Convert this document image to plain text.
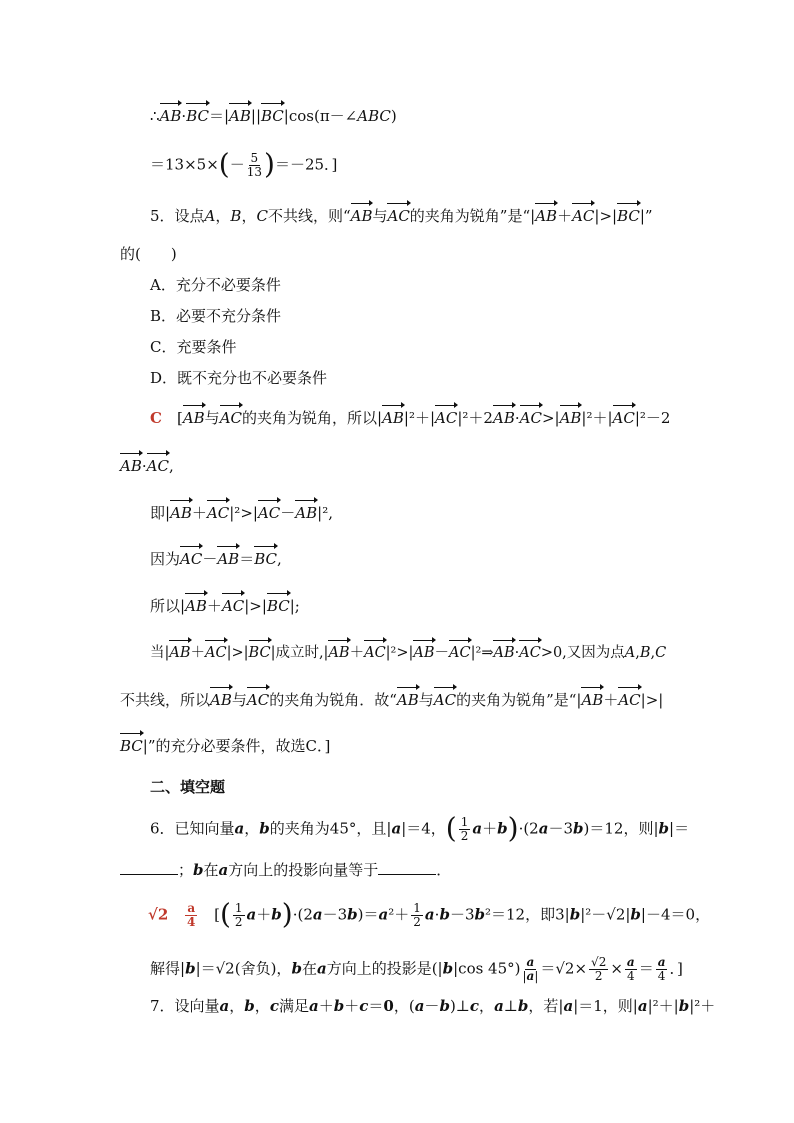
∴AB·BC＝|AB||BC|cos(π－∠ABC)
$=13\times 5\times(- \frac{5}{13} )=-25$．]
5．设点A，B，C不共线，则“AB与AC的夹角为锐角”是“|AB＋AC|>|BC|”
的(　　)
A．充分不必要条件
B．必要不充分条件
C．充要条件
D．既不充分也不必要条件
C　[AB与AC的夹角为锐角，所以|AB|²＋|AC|²＋2AB·AC>|AB|²＋|AC|²－2
AB·AC,
即|AB＋AC|²>|AC－AB|²,
因为AC－AB＝BC,
所以|AB＋AC|>|BC|;
当|AB＋AC|>|BC|成立时,|AB＋AC|²>|AB－AC|²⇒AB·AC>0,又因为点A,B,C
不共线，所以AB与AC的夹角为锐角．故“AB与AC的夹角为锐角”是“|AB＋AC|>|
BC|”的充分必要条件，故选C．]
二、填空题
6．已知向量a，b的夹角为45°，且|a|＝4，( $\frac{1}{2} a+b)\cdot(2a-3b)=12$，则|b|＝
；b在a方向上的投影向量等于	．
√2　 $\frac{a}{4}$ 　[( $\frac{1}{2} a+b)\cdot(2a-3b)=a^2+ \frac{1}{2} a\cdot b-3b^2=12$，即3|b|²－√2|b|－4＝0，
解得|b|＝√2(舍负)，b在a方向上的投影是(|b|cos $45^\circ) \frac{a}{|a|} =√2\times \frac{√2}{2} \times \frac{a}{4} = \frac{a}{4}$ ．]
7．设向量a，b，c满足a＋b＋c＝0，(a－b)⊥c，a⊥b，若|a|＝1，则|a|²＋|b|²＋
